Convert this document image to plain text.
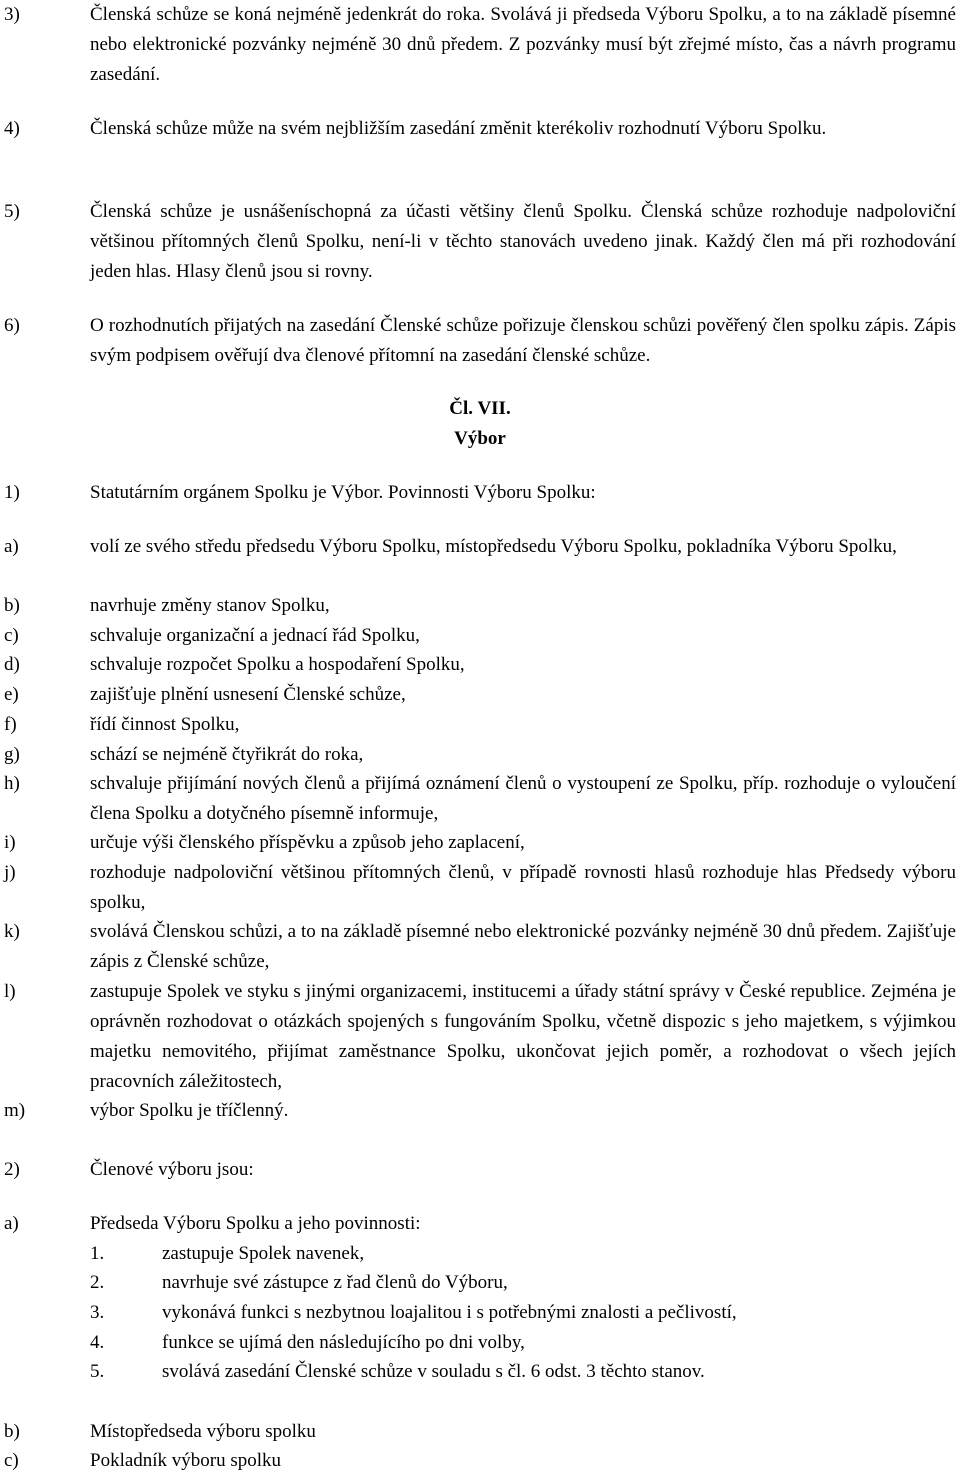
3)	Členská schůze se koná nejméně jedenkrát do roka. Svolává ji předseda Výboru Spolku, a to na základě písemné nebo elektronické pozvánky nejméně 30 dnů předem. Z pozvánky musí být zřejmé místo, čas a návrh programu zasedání.
4)	Členská schůze může na svém nejbližším zasedání změnit kterékoliv rozhodnutí Výboru Spolku.
5)	Členská schůze je usnášeníschopná za účasti většiny členů Spolku. Členská schůze rozhoduje nadpoloviční většinou přítomných členů Spolku, není-li v těchto stanovách uvedeno jinak. Každý člen má při rozhodování jeden hlas. Hlasy členů jsou si rovny.
6)	O rozhodnutích přijatých na zasedání Členské schůze pořizuje členskou schůzi pověřený člen spolku zápis. Zápis svým podpisem ověřují dva členové přítomní na zasedání členské schůze.
Čl. VII.
Výbor
1)	Statutárním orgánem Spolku je Výbor. Povinnosti Výboru Spolku:
a)	volí ze svého středu předsedu Výboru Spolku, místopředsedu Výboru Spolku, pokladníka Výboru Spolku,
b)	navrhuje změny stanov Spolku,
c)	schvaluje organizační a jednací řád Spolku,
d)	schvaluje rozpočet Spolku a hospodaření Spolku,
e)	zajišťuje plnění usnesení Členské schůze,
f)	řídí činnost Spolku,
g)	schází se nejméně čtyřikrát do roka,
h)	schvaluje přijímání nových členů a přijímá oznámení členů o vystoupení ze Spolku, příp. rozhoduje o vyloučení člena Spolku a dotyčného písemně informuje,
i)	určuje výši členského příspěvku a způsob jeho zaplacení,
j)	rozhoduje nadpoloviční většinou přítomných členů, v případě rovnosti hlasů rozhoduje hlas Předsedy výboru spolku,
k)	svolává Členskou schůzi, a to na základě písemné nebo elektronické pozvánky nejméně 30 dnů předem. Zajišťuje zápis z Členské schůze,
l)	zastupuje Spolek ve styku s jinými organizacemi, institucemi a úřady státní správy v České republice. Zejména je oprávněn rozhodovat o otázkách spojených s fungováním Spolku, včetně dispozic s jeho majetkem, s výjimkou majetku nemovitého, přijímat zaměstnance Spolku, ukončovat jejich poměr, a rozhodovat o všech jejích pracovních záležitostech,
m)	výbor Spolku je tříčlenný.
2)	Členové výboru jsou:
a)	Předseda Výboru Spolku a jeho povinnosti:
1.	zastupuje Spolek navenek,
2.	navrhuje své zástupce z řad členů do Výboru,
3.	vykonává funkci s nezbytnou loajalitou i s potřebnými znalosti a pečlivostí,
4.	funkce se ujímá den následujícího po dni volby,
5.	svolává zasedání Členské schůze v souladu s čl. 6 odst. 3 těchto stanov.
b)	Místopředseda výboru spolku
c)	Pokladník výboru spolku
